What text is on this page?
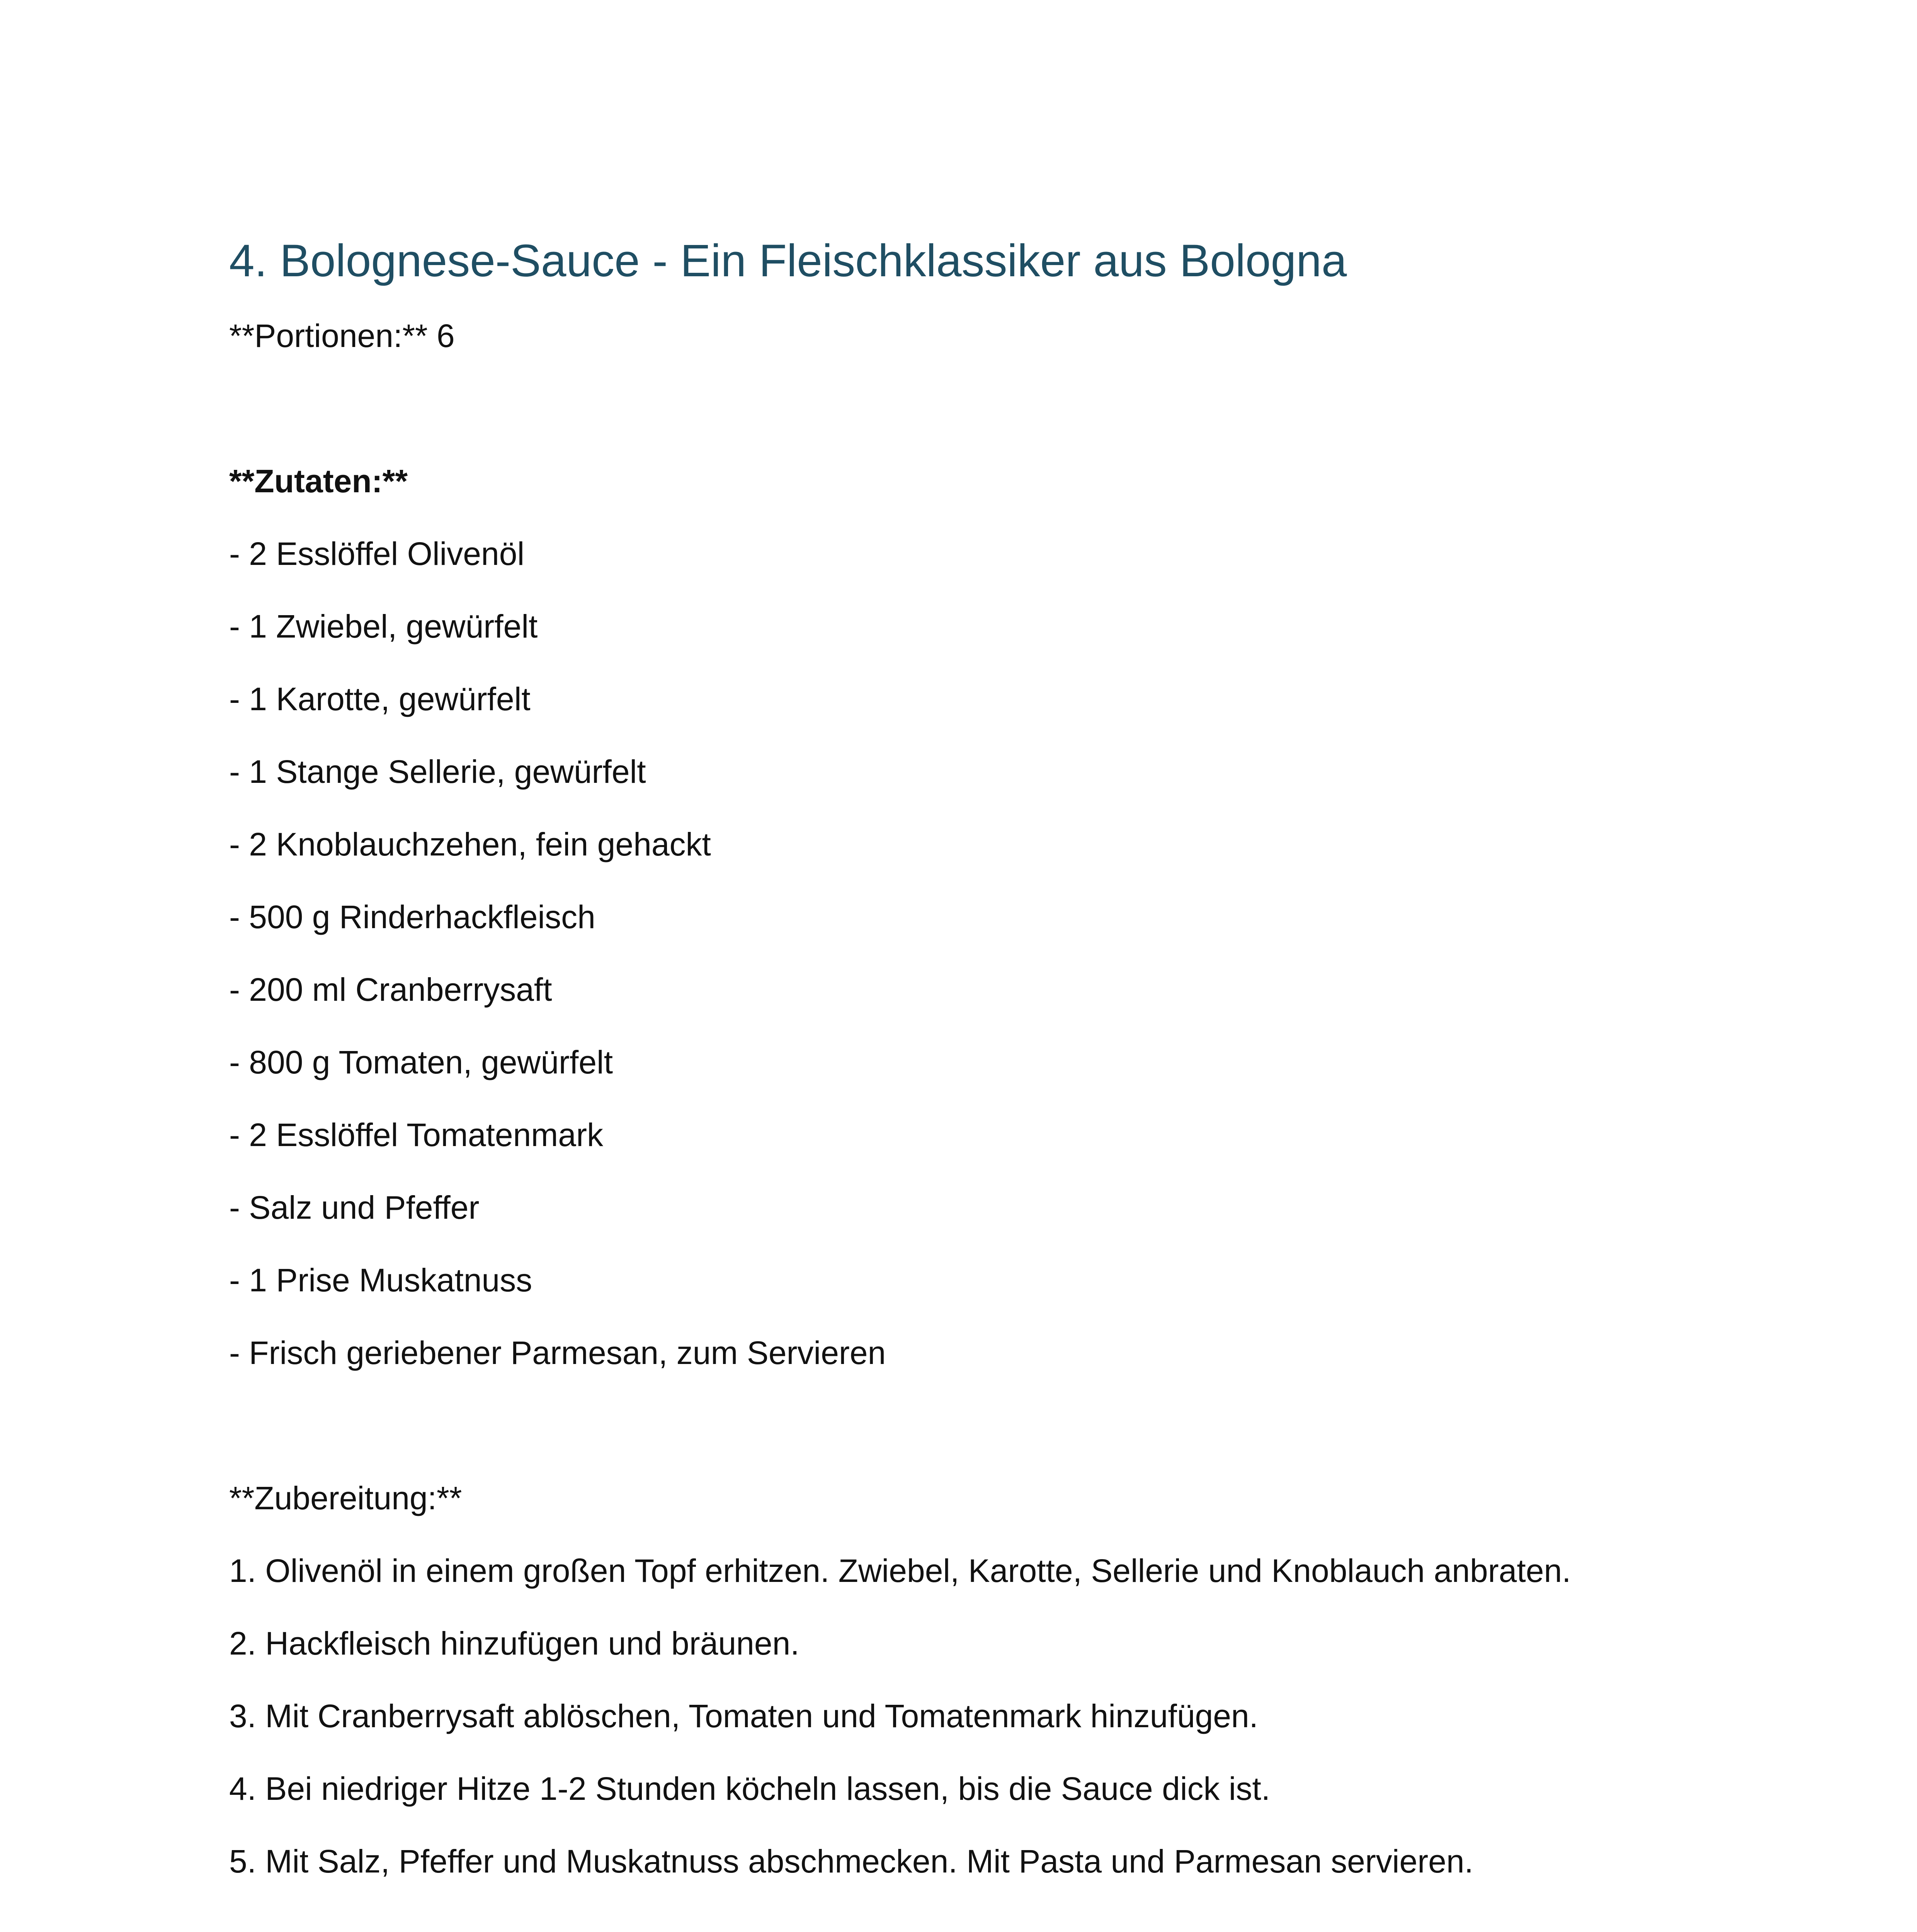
4. Bolognese-Sauce - Ein Fleischklassiker aus Bologna
**Portionen:** 6
**Zutaten:**
- 2 Esslöffel Olivenöl
- 1 Zwiebel, gewürfelt
- 1 Karotte, gewürfelt
- 1 Stange Sellerie, gewürfelt
- 2 Knoblauchzehen, fein gehackt
- 500 g Rinderhackfleisch
- 200 ml Cranberrysaft
- 800 g Tomaten, gewürfelt
- 2 Esslöffel Tomatenmark
- Salz und Pfeffer
- 1 Prise Muskatnuss
- Frisch geriebener Parmesan, zum Servieren
**Zubereitung:**
1. Olivenöl in einem großen Topf erhitzen. Zwiebel, Karotte, Sellerie und Knoblauch anbraten.
2. Hackfleisch hinzufügen und bräunen.
3. Mit Cranberrysaft ablöschen, Tomaten und Tomatenmark hinzufügen.
4. Bei niedriger Hitze 1-2 Stunden köcheln lassen, bis die Sauce dick ist.
5. Mit Salz, Pfeffer und Muskatnuss abschmecken. Mit Pasta und Parmesan servieren.
